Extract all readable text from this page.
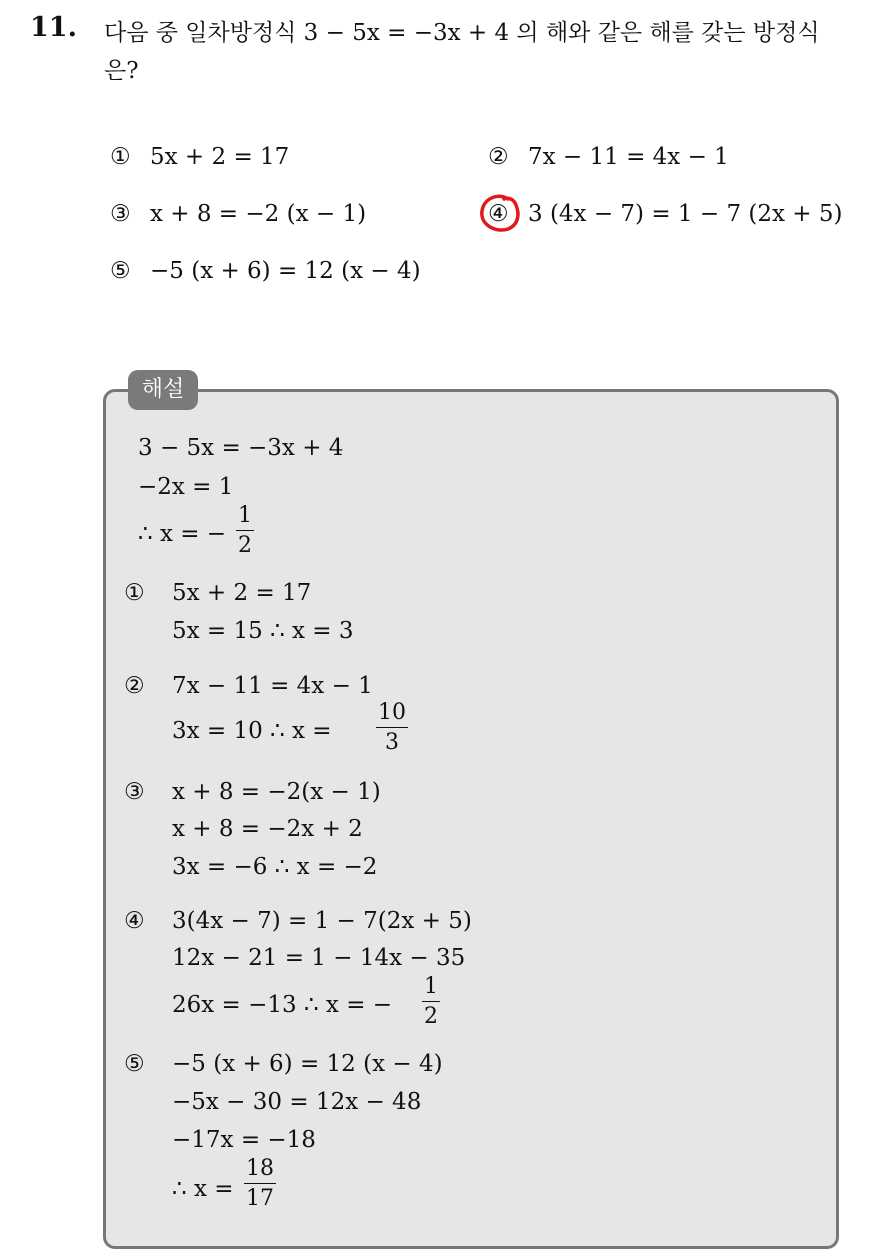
11. 다음 중 일차방정식 3 − 5x = −3x + 4 의 해와 같은 해를 갖는 방정식
은?
① 5x + 2 = 17	② 7x − 11 = 4x − 1
③ x + 8 = −2 (x − 1)	④ 3 (4x − 7) = 1 − 7 (2x + 5)
⑤ −5 (x + 6) = 12 (x − 4)
해설
3 − 5x = −3x + 4
−2x = 1
∴ x = − $\frac{1}{2}$
① 5x + 2 = 17
5x = 15 ∴ x = 3
② 7x − 11 = 4x − 1
3x = 10 ∴ $x = \frac{10}{3}$
③ x + 8 = −2(x − 1)
x + 8 = −2x + 2
3x = −6 ∴ x = −2
④ 3(4x − 7) = 1 − 7(2x + 5)
12x − 21 = 1 − 14x − 35
26x = −13 ∴ x = − $\frac{1}{2}$
⑤ −5 (x + 6) = 12 (x − 4)
−5x − 30 = 12x − 48
−17x = −18
∴ $x = \frac{18}{17}$
